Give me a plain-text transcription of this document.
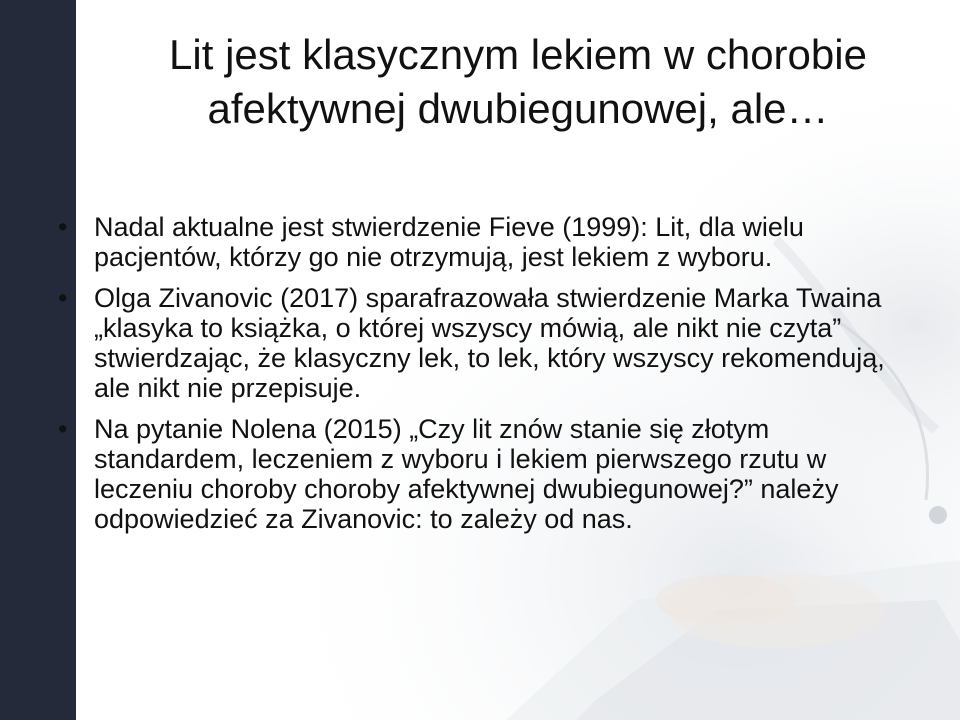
Lit jest klasycznym lekiem w chorobie
afektywnej dwubiegunowej, ale…
• Nadal aktualne jest stwierdzenie Fieve (1999): Lit, dla wielu pacjentów, którzy go nie otrzymują, jest lekiem z wyboru.
• Olga Zivanovic (2017) sparafrazowała stwierdzenie Marka Twaina „klasyka to książka, o której wszyscy mówią, ale nikt nie czyta” stwierdzając, że klasyczny lek, to lek, który wszyscy rekomendują, ale nikt nie przepisuje.
• Na pytanie Nolena (2015) „Czy lit znów stanie się złotym standardem, leczeniem z wyboru i lekiem pierwszego rzutu w leczeniu choroby choroby afektywnej dwubiegunowej?” należy odpowiedzieć za Zivanovic: to zależy od nas.
